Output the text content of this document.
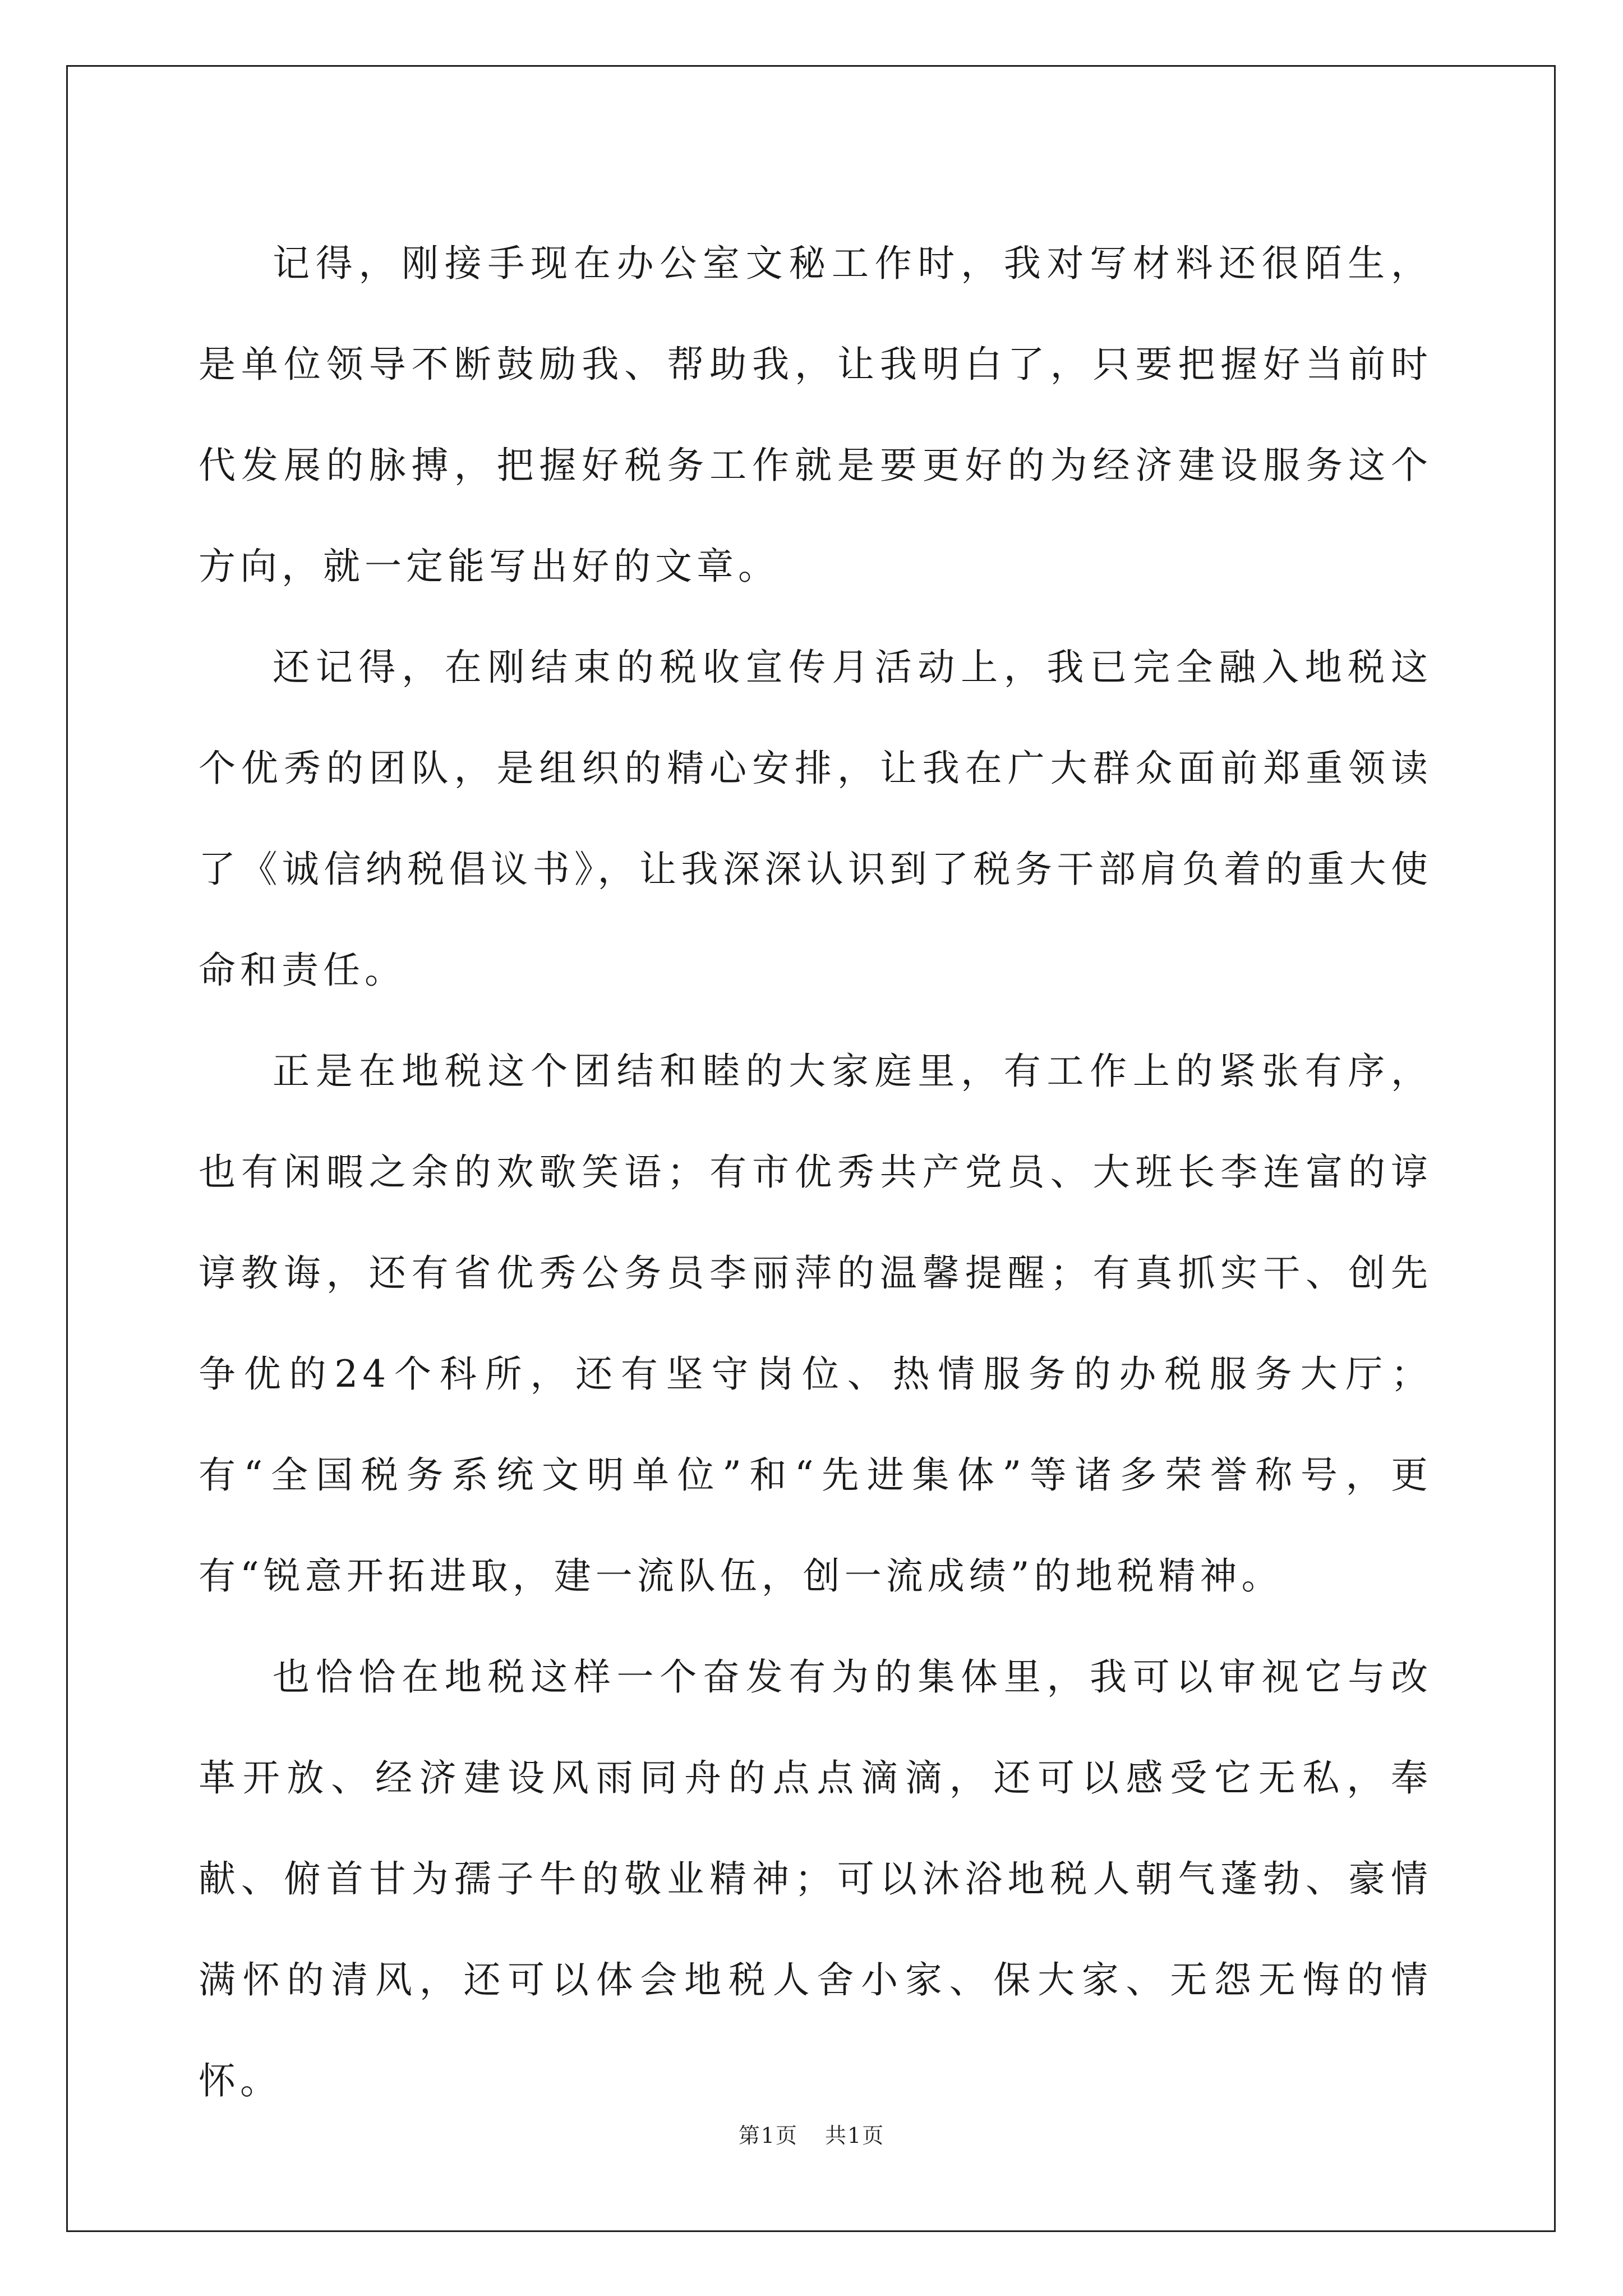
记得，刚接手现在办公室文秘工作时，我对写材料还很陌生，是单位领导不断鼓励我、帮助我，让我明白了，只要把握好当前时代发展的脉搏，把握好税务工作就是要更好的为经济建设服务这个方向，就一定能写出好的文章。

还记得，在刚结束的税收宣传月活动上，我已完全融入地税这个优秀的团队，是组织的精心安排，让我在广大群众面前郑重领读了《诚信纳税倡议书》，让我深深认识到了税务干部肩负着的重大使命和责任。

正是在地税这个团结和睦的大家庭里，有工作上的紧张有序，也有闲暇之余的欢歌笑语；有市优秀共产党员、大班长李连富的谆谆教诲，还有省优秀公务员李丽萍的温馨提醒；有真抓实干、创先争优的24个科所，还有坚守岗位、热情服务的办税服务大厅；有“全国税务系统文明单位”和“先进集体”等诸多荣誉称号，更有“锐意开拓进取，建一流队伍，创一流成绩”的地税精神。

也恰恰在地税这样一个奋发有为的集体里，我可以审视它与改革开放、经济建设风雨同舟的点点滴滴，还可以感受它无私，奉献、俯首甘为孺子牛的敬业精神；可以沐浴地税人朝气蓬勃、豪情满怀的清风，还可以体会地税人舍小家、保大家、无怨无悔的情怀。

第1页 共1页
